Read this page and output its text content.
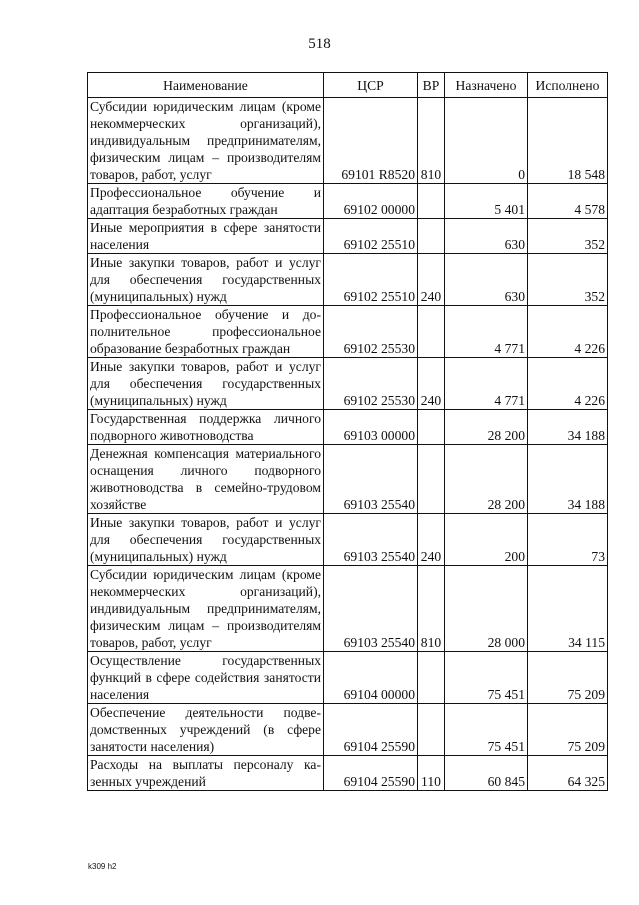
518
Наименование	ЦСР	ВР	Назначено	Исполнено
Субсидии юридическим лицам (кроме некоммерческих организаций), индивидуальным предпринимателям, физическим лицам – производителям товаров, работ, услуг	69101 R8520	810	0	18 548
Профессиональное обучение и адаптация безработных граждан	69102 00000		5 401	4 578
Иные мероприятия в сфере занятости населения	69102 25510		630	352
Иные закупки товаров, работ и услуг для обеспечения государственных (муниципальных) нужд	69102 25510	240	630	352
Профессиональное обучение и дополнительное профессиональное образование безработных граждан	69102 25530		4 771	4 226
Иные закупки товаров, работ и услуг для обеспечения государственных (муниципальных) нужд	69102 25530	240	4 771	4 226
Государственная поддержка личного подворного животноводства	69103 00000		28 200	34 188
Денежная компенсация материального оснащения личного подворного животноводства в семейно-трудовом хозяйстве	69103 25540		28 200	34 188
Иные закупки товаров, работ и услуг для обеспечения государственных (муниципальных) нужд	69103 25540	240	200	73
Субсидии юридическим лицам (кроме некоммерческих организаций), индивидуальным предпринимателям, физическим лицам – производителям товаров, работ, услуг	69103 25540	810	28 000	34 115
Осуществление государственных функций в сфере содействия занятости населения	69104 00000		75 451	75 209
Обеспечение деятельности подведомственных учреждений (в сфере занятости населения)	69104 25590		75 451	75 209
Расходы на выплаты персоналу казенных учреждений	69104 25590	110	60 845	64 325
k309 h2
